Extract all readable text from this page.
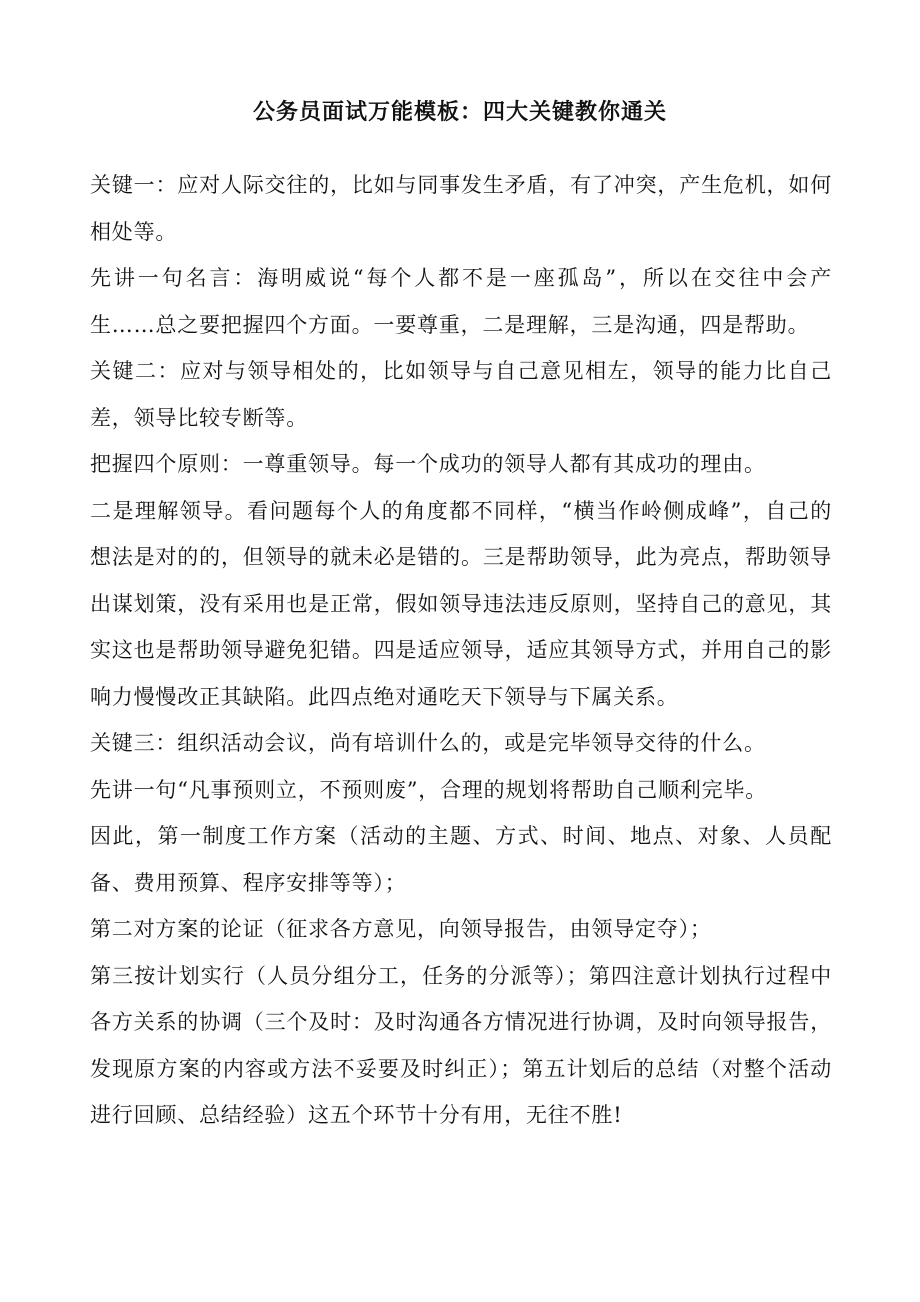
公务员面试万能模板：四大关键教你通关

关键一：应对人际交往的，比如与同事发生矛盾，有了冲突，产生危机，如何相处等。

先讲一句名言：海明威说“每个人都不是一座孤岛”，所以在交往中会产生……总之要把握四个方面。一要尊重，二是理解，三是沟通，四是帮助。

关键二：应对与领导相处的，比如领导与自己意见相左，领导的能力比自己差，领导比较专断等。

把握四个原则：一尊重领导。每一个成功的领导人都有其成功的理由。

二是理解领导。看问题每个人的角度都不同样，“横当作岭侧成峰”，自己的想法是对的的，但领导的就未必是错的。三是帮助领导，此为亮点，帮助领导出谋划策，没有采用也是正常，假如领导违法违反原则，坚持自己的意见，其实这也是帮助领导避免犯错。四是适应领导，适应其领导方式，并用自己的影响力慢慢改正其缺陷。此四点绝对通吃天下领导与下属关系。

关键三：组织活动会议，尚有培训什么的，或是完毕领导交待的什么。

先讲一句“凡事预则立，不预则废”，合理的规划将帮助自己顺利完毕。

因此，第一制度工作方案（活动的主题、方式、时间、地点、对象、人员配备、费用预算、程序安排等等）；

第二对方案的论证（征求各方意见，向领导报告，由领导定夺）；

第三按计划实行（人员分组分工，任务的分派等）；第四注意计划执行过程中各方关系的协调（三个及时：及时沟通各方情况进行协调，及时向领导报告，发现原方案的内容或方法不妥要及时纠正）；第五计划后的总结（对整个活动进行回顾、总结经验）这五个环节十分有用，无往不胜!
